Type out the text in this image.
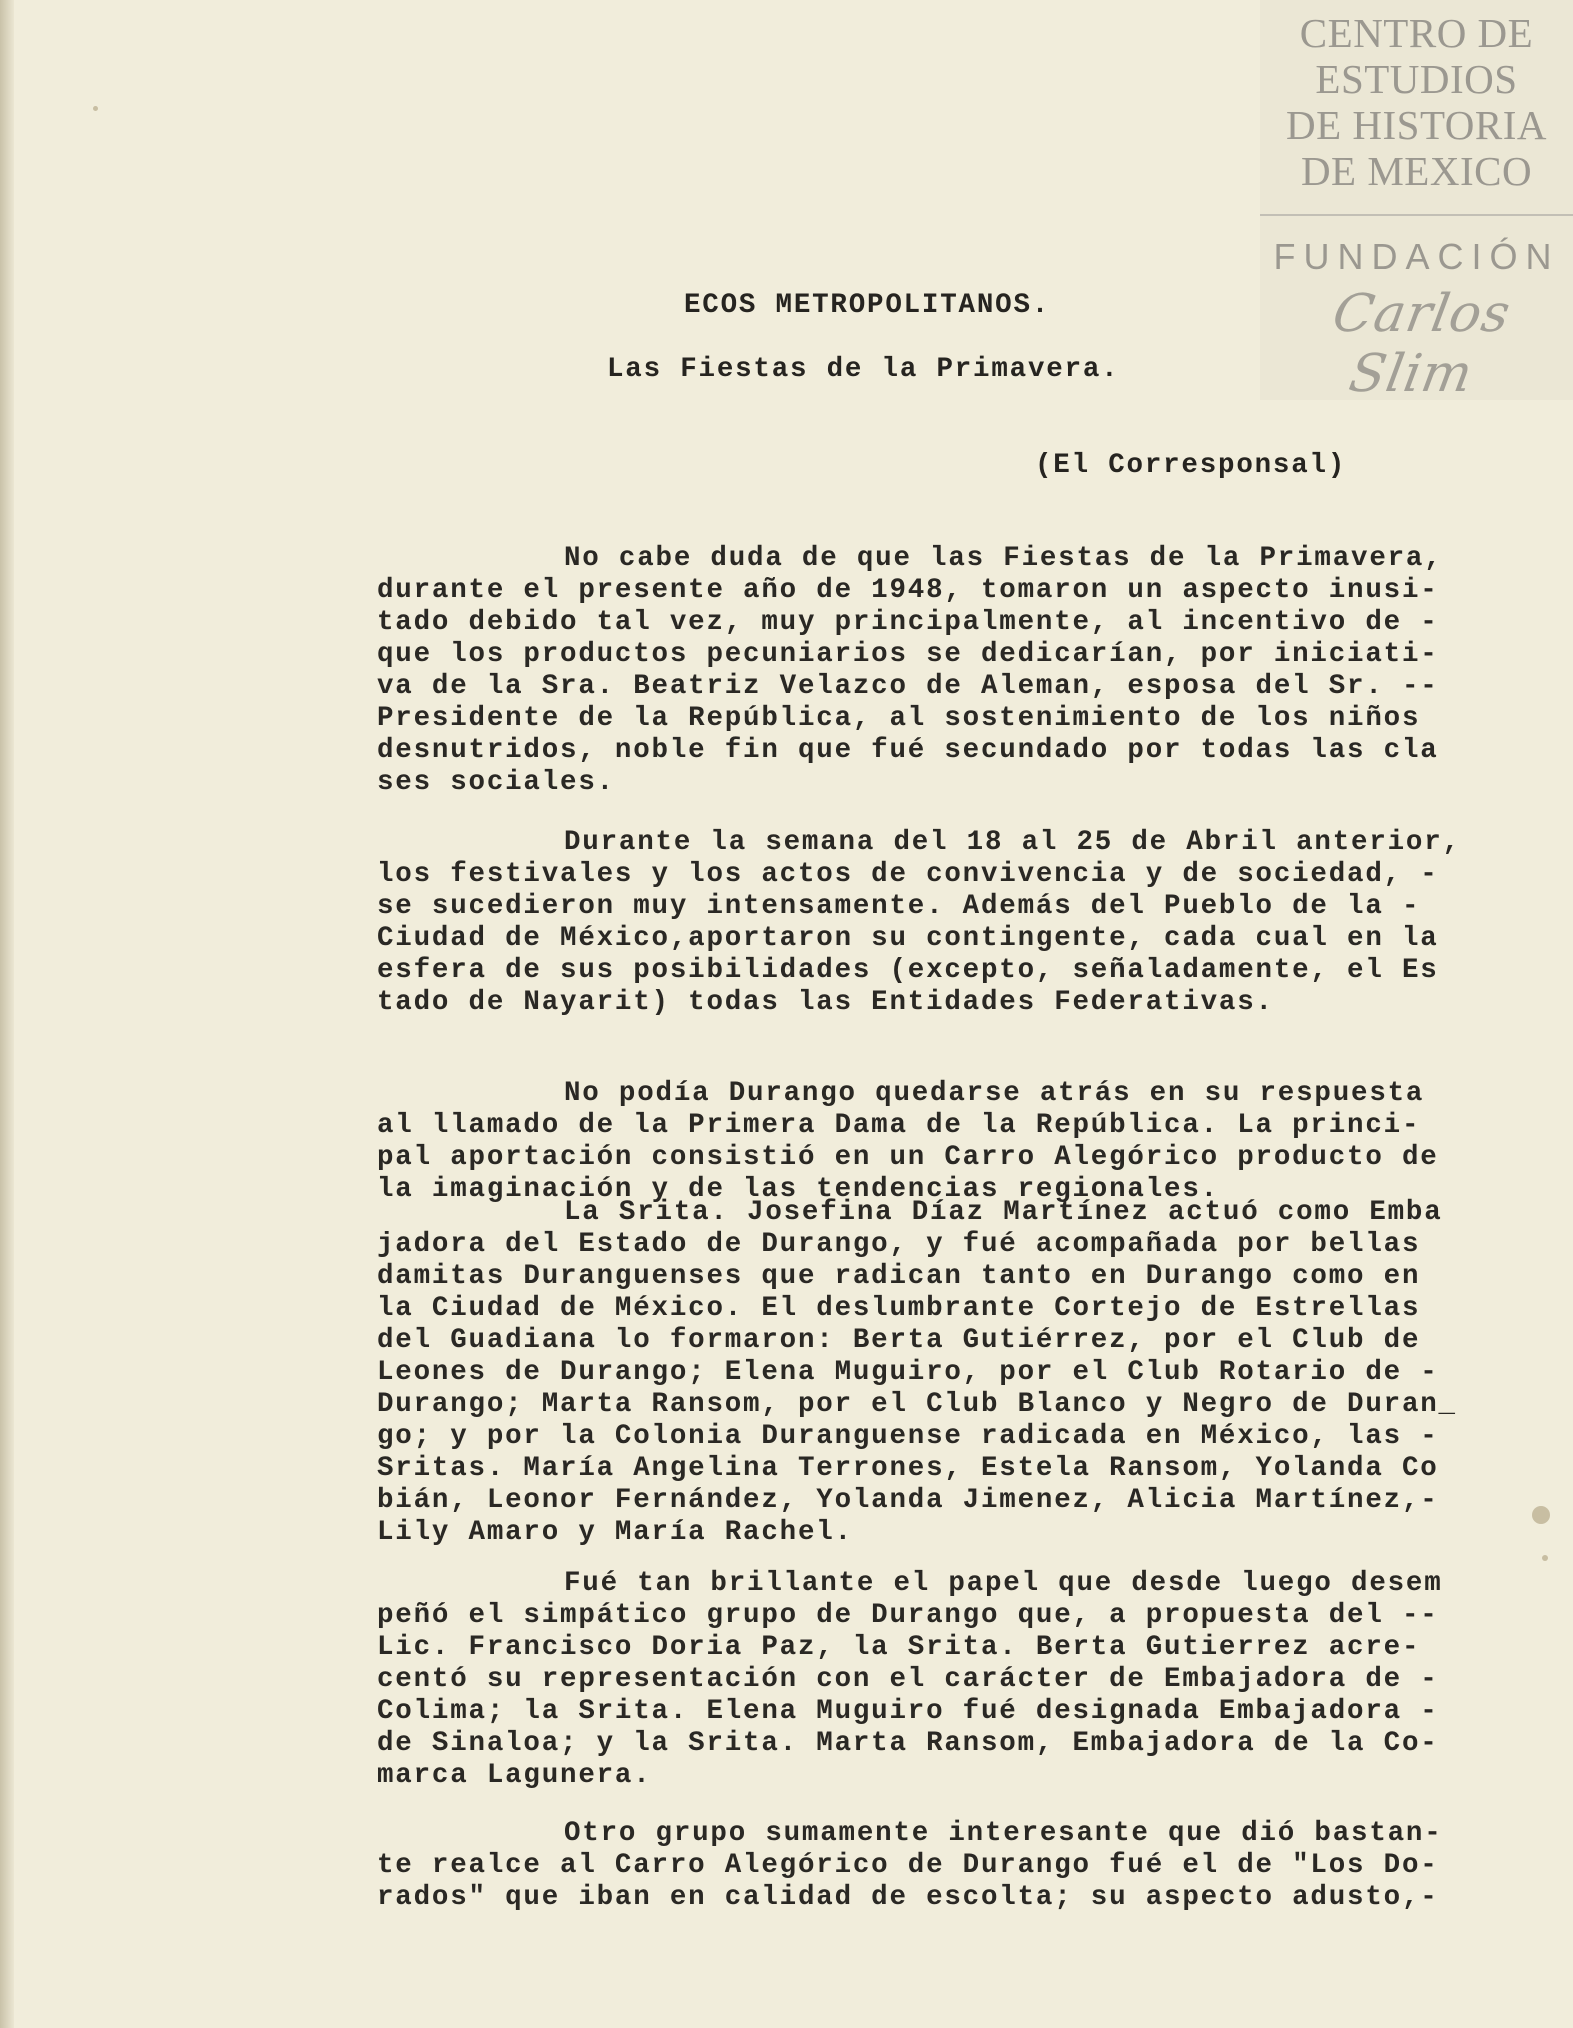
CENTRO DE
ESTUDIOS
DE HISTORIA
DE MEXICO
FUNDACIÓN
Carlos Slim
ECOS METROPOLITANOS.
Las Fiestas de la Primavera.
(El Corresponsal)
No cabe duda de que las Fiestas de la Primavera,
durante el presente año de 1948, tomaron un aspecto inusi-
tado debido tal vez, muy principalmente, al incentivo de -
que los productos pecuniarios se dedicarían, por iniciati-
va de la Sra. Beatriz Velazco de Aleman, esposa del Sr. --
Presidente de la República, al sostenimiento de los niños
desnutridos, noble fin que fué secundado por todas las cla
ses sociales.
Durante la semana del 18 al 25 de Abril anterior,
los festivales y los actos de convivencia y de sociedad, -
se sucedieron muy intensamente. Además del Pueblo de la -
Ciudad de México,aportaron su contingente, cada cual en la
esfera de sus posibilidades (excepto, señaladamente, el Es
tado de Nayarit) todas las Entidades Federativas.
No podía Durango quedarse atrás en su respuesta
al llamado de la Primera Dama de la República. La princi-
pal aportación consistió en un Carro Alegórico producto de
la imaginación y de las tendencias regionales.
La Srita. Josefina Díaz Martínez actuó como Emba
jadora del Estado de Durango, y fué acompañada por bellas
damitas Duranguenses que radican tanto en Durango como en
la Ciudad de México. El deslumbrante Cortejo de Estrellas
del Guadiana lo formaron: Berta Gutiérrez, por el Club de
Leones de Durango; Elena Muguiro, por el Club Rotario de -
Durango; Marta Ransom, por el Club Blanco y Negro de Duran_
go; y por la Colonia Duranguense radicada en México, las -
Sritas. María Angelina Terrones, Estela Ransom, Yolanda Co
bián, Leonor Fernández, Yolanda Jimenez, Alicia Martínez,-
Lily Amaro y María Rachel.
Fué tan brillante el papel que desde luego desem
peñó el simpático grupo de Durango que, a propuesta del --
Lic. Francisco Doria Paz, la Srita. Berta Gutierrez acre-
centó su representación con el carácter de Embajadora de -
Colima; la Srita. Elena Muguiro fué designada Embajadora -
de Sinaloa; y la Srita. Marta Ransom, Embajadora de la Co-
marca Lagunera.
Otro grupo sumamente interesante que dió bastan-
te realce al Carro Alegórico de Durango fué el de "Los Do-
rados" que iban en calidad de escolta; su aspecto adusto,-
